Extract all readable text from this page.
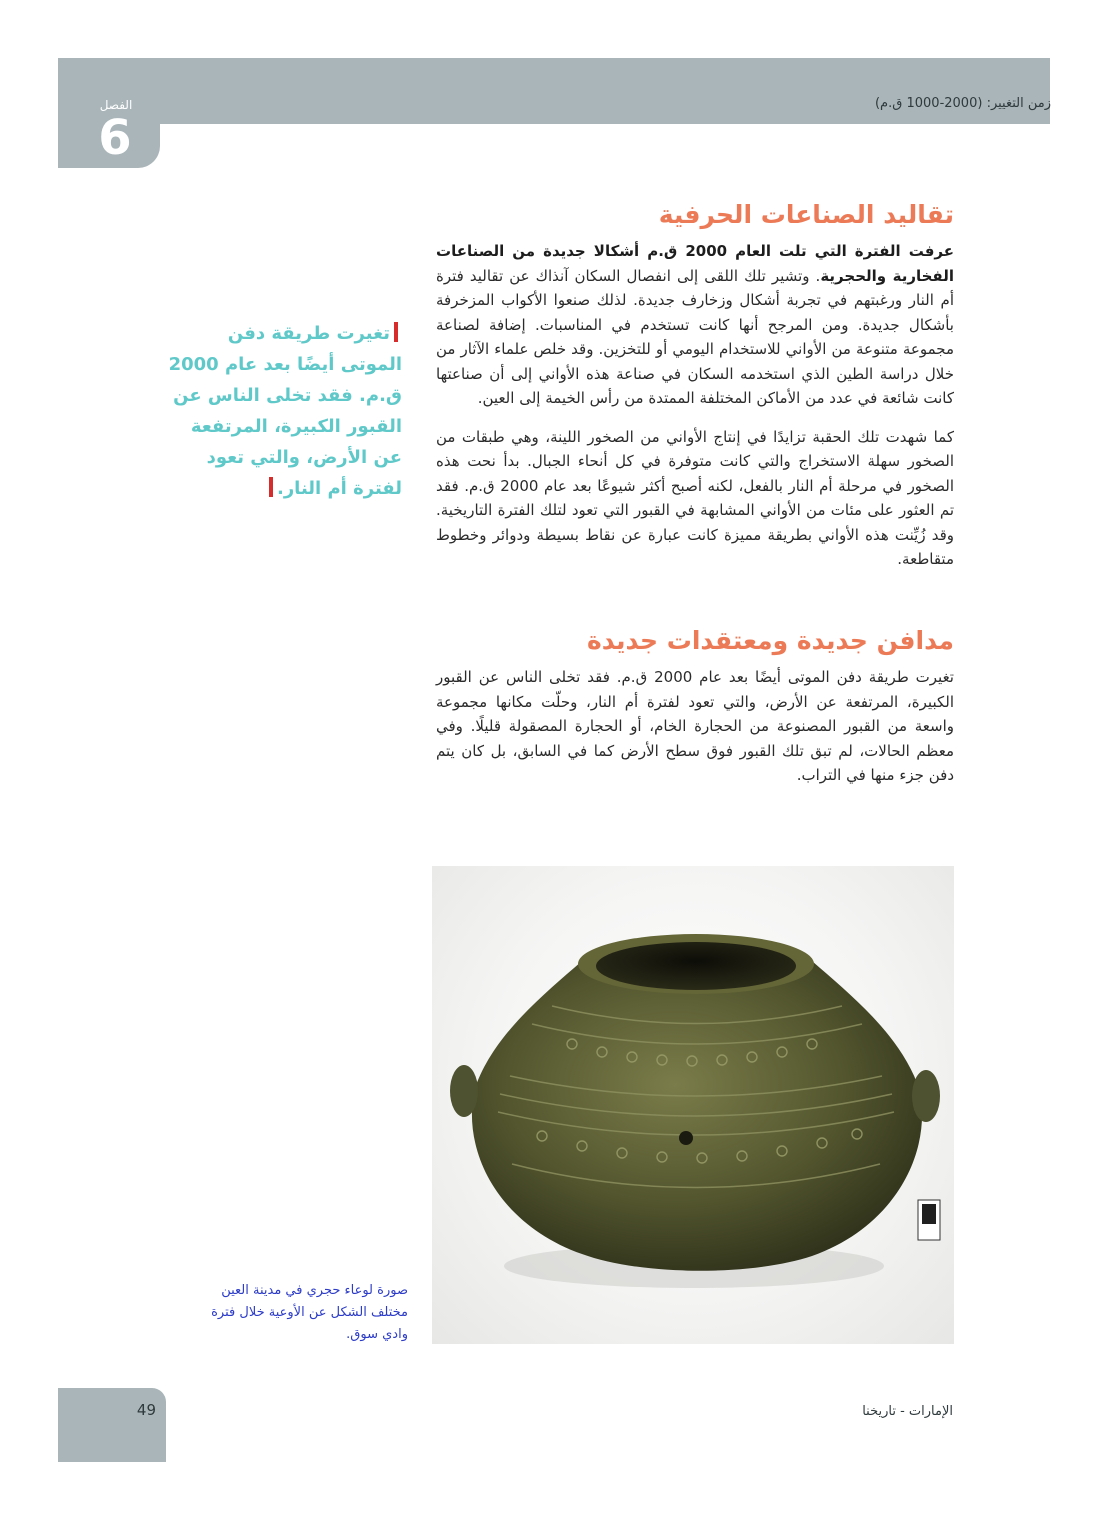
الفصل
6
زمن التغيير: (2000-1000 ق.م)
تقاليد الصناعات الحرفية

عرفت الفترة التي تلت العام 2000 ق.م أشكالا جديدة من الصناعات الفخارية والحجرية. وتشير تلك اللقى إلى انفصال السكان آنذاك عن تقاليد فترة أم النار ورغبتهم في تجربة أشكال وزخارف جديدة. لذلك صنعوا الأكواب المزخرفة بأشكال جديدة. ومن المرجح أنها كانت تستخدم في المناسبات. إضافة لصناعة مجموعة متنوعة من الأواني للاستخدام اليومي أو للتخزين. وقد خلص علماء الآثار من خلال دراسة الطين الذي استخدمه السكان في صناعة هذه الأواني إلى أن صناعتها كانت شائعة في عدد من الأماكن المختلفة الممتدة من رأس الخيمة إلى العين.

كما شهدت تلك الحقبة تزايدًا في إنتاج الأواني من الصخور اللينة، وهي طبقات من الصخور سهلة الاستخراج والتي كانت متوفرة في كل أنحاء الجبال. بدأ نحت هذه الصخور في مرحلة أم النار بالفعل، لكنه أصبح أكثر شيوعًا بعد عام 2000 ق.م. فقد تم العثور على مئات من الأواني المشابهة في القبور التي تعود لتلك الفترة التاريخية. وقد زُيِّنت هذه الأواني بطريقة مميزة كانت عبارة عن نقاط بسيطة ودوائر وخطوط متقاطعة.

مدافن جديدة ومعتقدات جديدة

تغيرت طريقة دفن الموتى أيضًا بعد عام 2000 ق.م. فقد تخلى الناس عن القبور الكبيرة، المرتفعة عن الأرض، والتي تعود لفترة أم النار، وحلّت مكانها مجموعة واسعة من القبور المصنوعة من الحجارة الخام، أو الحجارة المصقولة قليلًا. وفي معظم الحالات، لم تبق تلك القبور فوق سطح الأرض كما في السابق، بل كان يتم دفن جزء منها في التراب.

تغيرت طريقة دفن الموتى أيضًا بعد عام 2000 ق.م. فقد تخلى الناس عن القبور الكبيرة، المرتفعة عن الأرض، والتي تعود لفترة أم النار.
صورة لوعاء حجري في مدينة العين مختلف الشكل عن الأوعية خلال فترة وادي سوق.
49	الإمارات - تاريخنا
